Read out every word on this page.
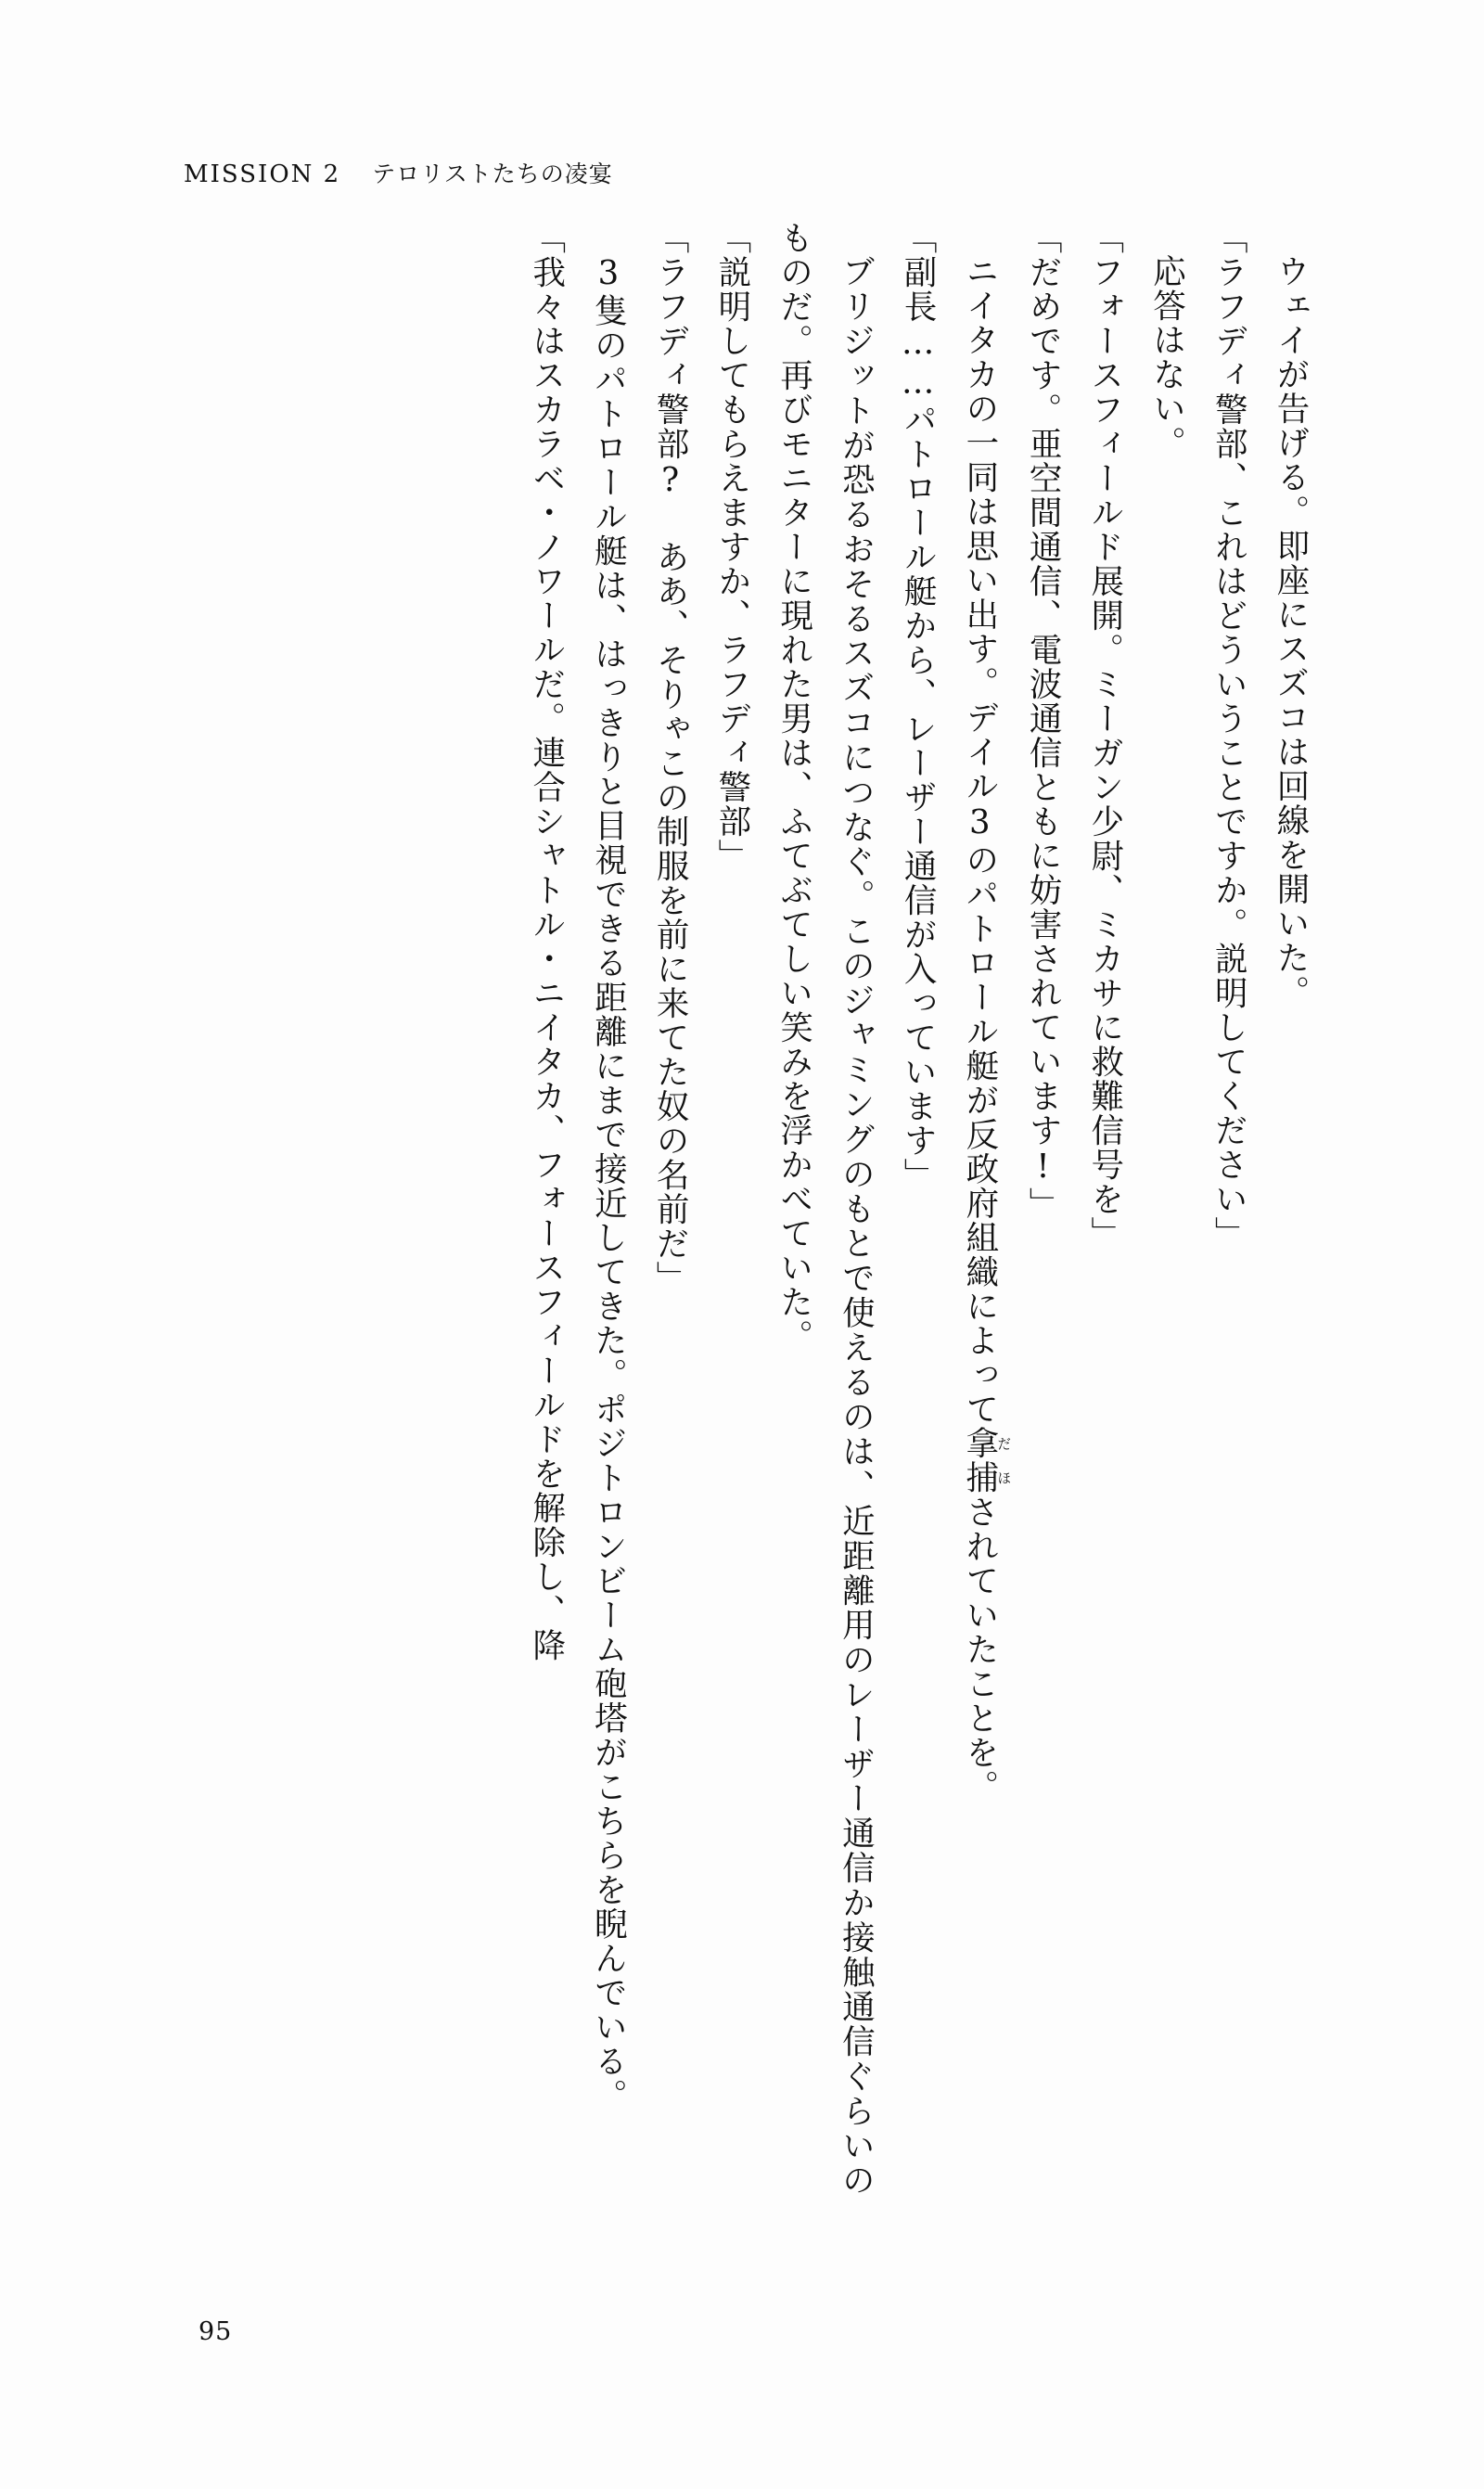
MISSION 2 テロリストたちの凌宴

ウェイが告げる。即座にスズコは回線を開いた。

「ラフディ警部、これはどういうことですか。説明してください」

応答はない。

「フォースフィールド展開。ミーガン少尉、ミカサに救難信号を」

「だめです。亜空間通信、電波通信ともに妨害されています!」

ニイタカの一同は思い出す。デイル3のパトロール艇が反政府組織によって拿捕だほされていたことを。

「副長……パトロール艇から、レーザー通信が入っています」

ブリジットが恐るおそるスズコにつなぐ。このジャミングのもとで使えるのは、近距離用のレーザー通信か接触通信ぐらいのものだ。再びモニターに現れた男は、ふてぶてしい笑みを浮かべていた。

「説明してもらえますか、ラフディ警部」

「ラフディ警部? ああ、そりゃこの制服を前に来てた奴の名前だ」

3隻のパトロール艇は、はっきりと目視できる距離にまで接近してきた。ポジトロンビーム砲塔がこちらを睨んでいる。

「我々はスカラベ・ノワールだ。連合シャトル・ニイタカ、フォースフィールドを解除し、降

95
